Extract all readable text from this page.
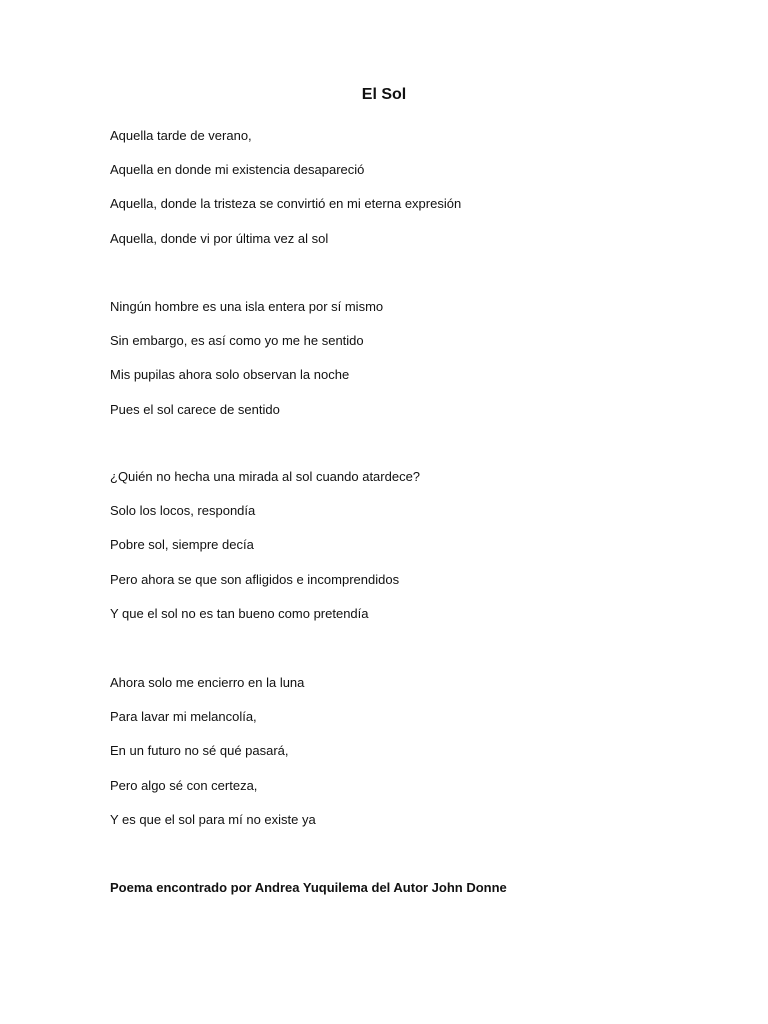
El Sol
Aquella tarde de verano,
Aquella en donde mi existencia desapareció
Aquella, donde la tristeza se convirtió en mi eterna expresión
Aquella, donde vi por última vez al sol
Ningún hombre es una isla entera por sí mismo
Sin embargo, es así como yo me he sentido
Mis pupilas ahora solo observan la noche
Pues el sol carece de sentido
¿Quién no hecha una mirada al sol cuando atardece?
Solo los locos, respondía
Pobre sol, siempre decía
Pero ahora se que son afligidos e incomprendidos
Y que el sol no es tan bueno como pretendía
Ahora solo me encierro en la luna
Para lavar mi melancolía,
En un futuro no sé qué pasará,
Pero algo sé con certeza,
Y es que el sol para mí no existe ya
Poema encontrado por Andrea Yuquilema del Autor John Donne
